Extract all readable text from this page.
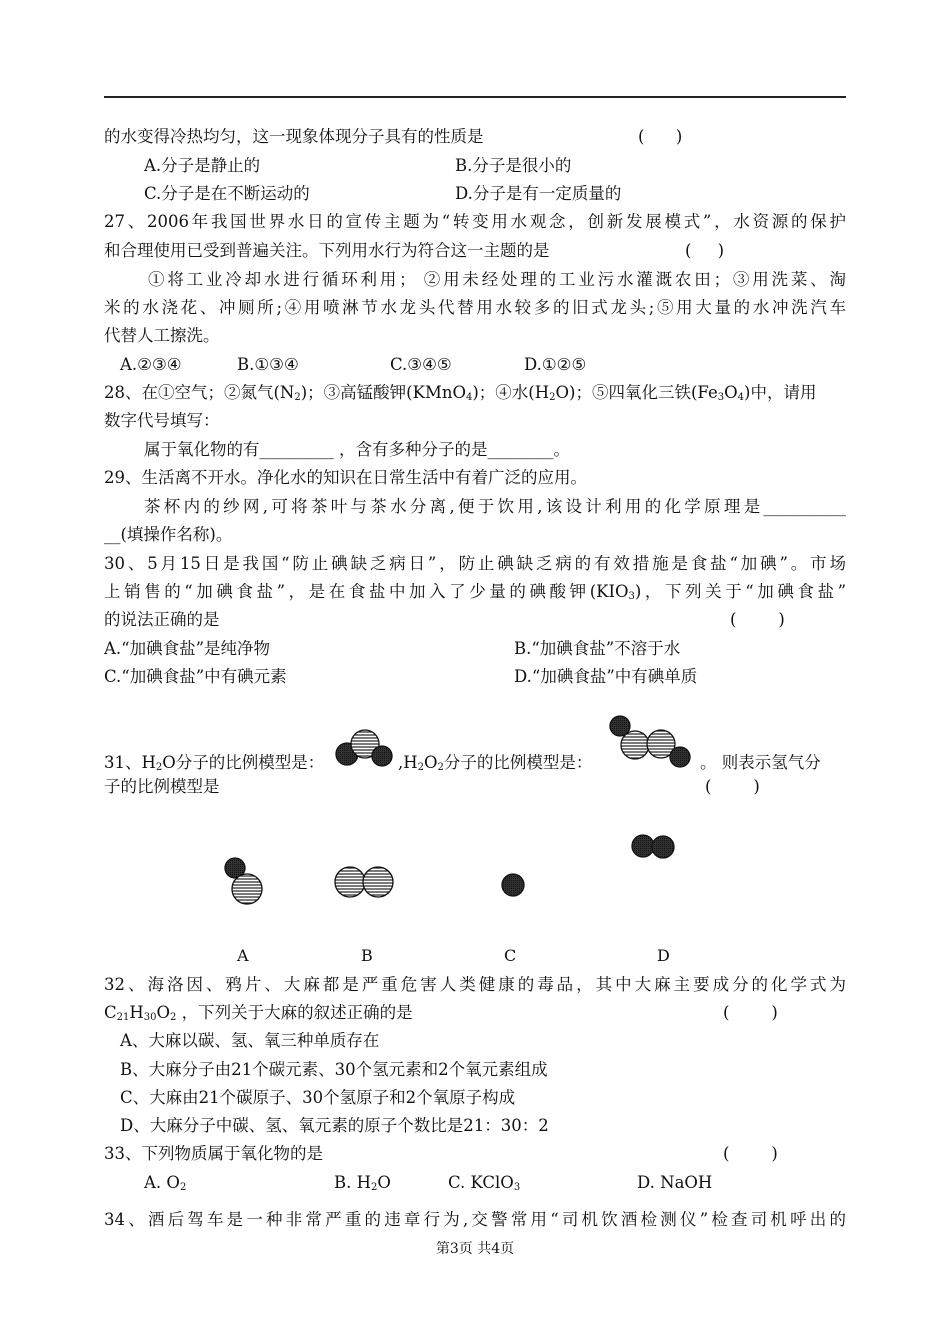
的水变得冷热均匀，这一现象体现分子具有的性质是	(      )
A.分子是静止的	B.分子是很小的
C.分子是在不断运动的	D.分子是有一定质量的
27、2006年我国世界水日的宣传主题为“转变用水观念，创新发展模式”，水资源的保护
和合理使用已受到普遍关注。下列用水行为符合这一主题的是	(     )
①将工业冷却水进行循环利用； ②用未经处理的工业污水灌溉农田；③用洗菜、淘
米的水浇花、冲厕所;④用喷淋节水龙头代替用水较多的旧式龙头;⑤用大量的水冲洗汽车
代替人工擦洗。
A.②③④	B.①③④	C.③④⑤	D.①②⑤
28、在①空气；②氮气$(N_2)$；③高锰酸钾(KMnO$_4$)；④水$(H_2O)$；⑤四氧化三铁$(Fe_3O_4)$中，请用
数字代号填写：
属于氧化物的有_________ ，含有多种分子的是________。
29、生活离不开水。净化水的知识在日常生活中有着广泛的应用。
茶杯内的纱网,可将茶叶与茶水分离,便于饮用,该设计利用的化学原理是__________
__(填操作名称)。
30、5月15日是我国“防止碘缺乏病日”，防止碘缺乏病的有效措施是食盐“加碘”。市场
上销售的“加碘食盐”，是在食盐中加入了少量的碘酸钾$(KIO_3)$，下列关于“加碘食盐”
的说法正确的是	(        )
A.“加碘食盐”是纯净物	B.“加碘食盐”不溶于水
C.“加碘食盐”中有碘元素	D.“加碘食盐”中有碘单质
31、$H_2O$分子的比例模型是：	$,H_2O_2$分子的比例模型是：	。 则表示氢气分
子的比例模型是	(        )
A	B	C	D
32、海洛因、鸦片、大麻都是严重危害人类健康的毒品，其中大麻主要成分的化学式为
$C_{21}H_{30}O_2$ ，下列关于大麻的叙述正确的是	(        )
A、大麻以碳、氢、氧三种单质存在
B、大麻分子由21个碳元素、30个氢元素和2个氧元素组成
C、大麻由21个碳原子、30个氢原子和2个氧原子构成
D、大麻分子中碳、氢、氧元素的原子个数比是21：30：2
33、下列物质属于氧化物的是	(        )
A. $O_2$	B. $H_2O$	C. KClO$_3$	D. NaOH
34、酒后驾车是一种非常严重的违章行为,交警常用“司机饮酒检测仪”检查司机呼出的
第3页 共4页
